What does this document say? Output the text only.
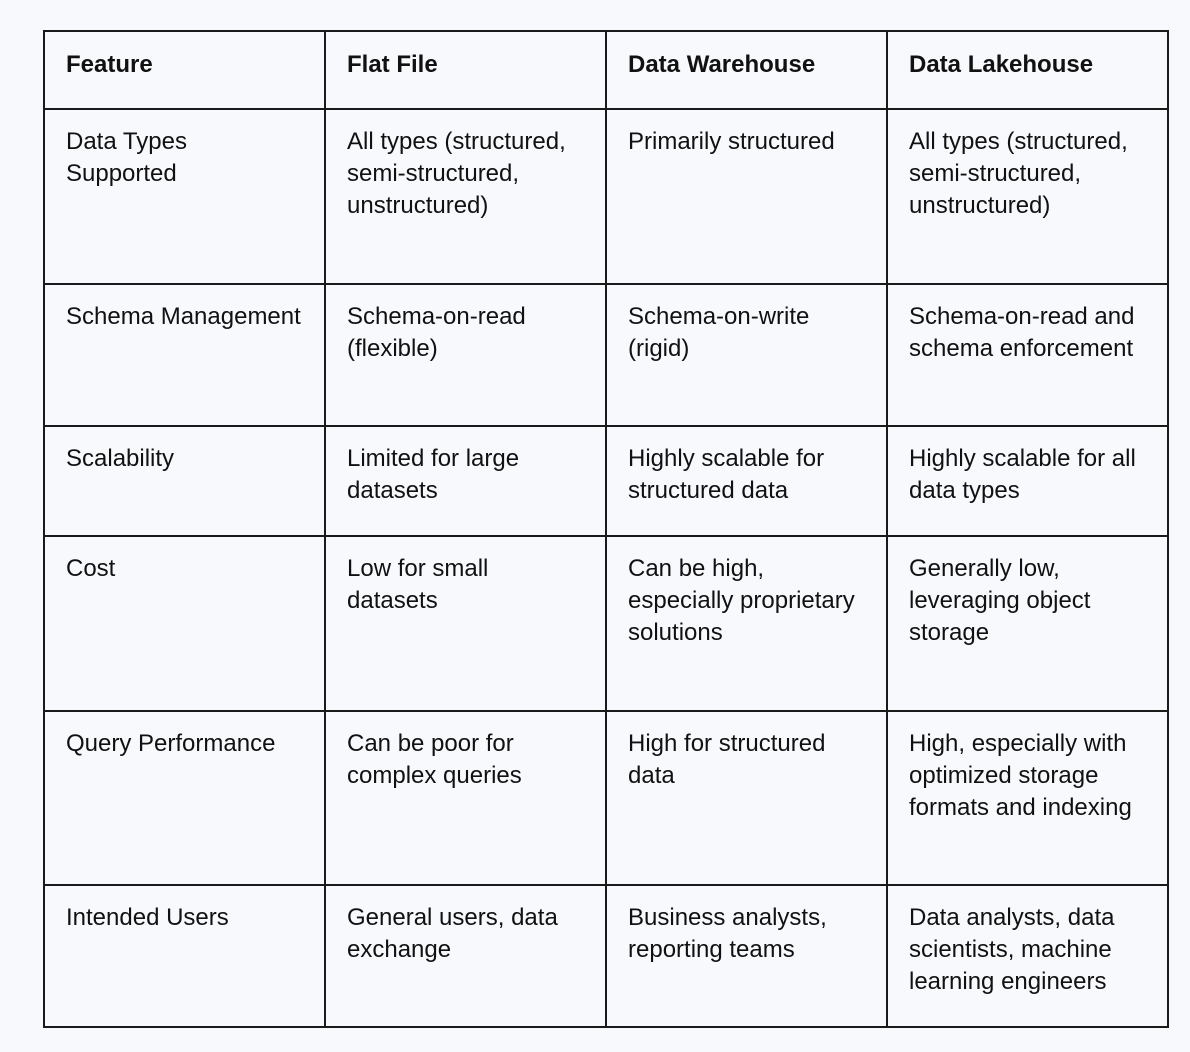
Feature	Flat File	Data Warehouse	Data Lakehouse
Data Types Supported	All types (structured, semi-structured, unstructured)	Primarily structured	All types (structured, semi-structured, unstructured)
Schema Management	Schema-on-read (flexible)	Schema-on-write (rigid)	Schema-on-read and schema enforcement
Scalability	Limited for large datasets	Highly scalable for structured data	Highly scalable for all data types
Cost	Low for small datasets	Can be high, especially proprietary solutions	Generally low, leveraging object storage
Query Performance	Can be poor for complex queries	High for structured data	High, especially with optimized storage formats and indexing
Intended Users	General users, data exchange	Business analysts, reporting teams	Data analysts, data scientists, machine learning engineers
